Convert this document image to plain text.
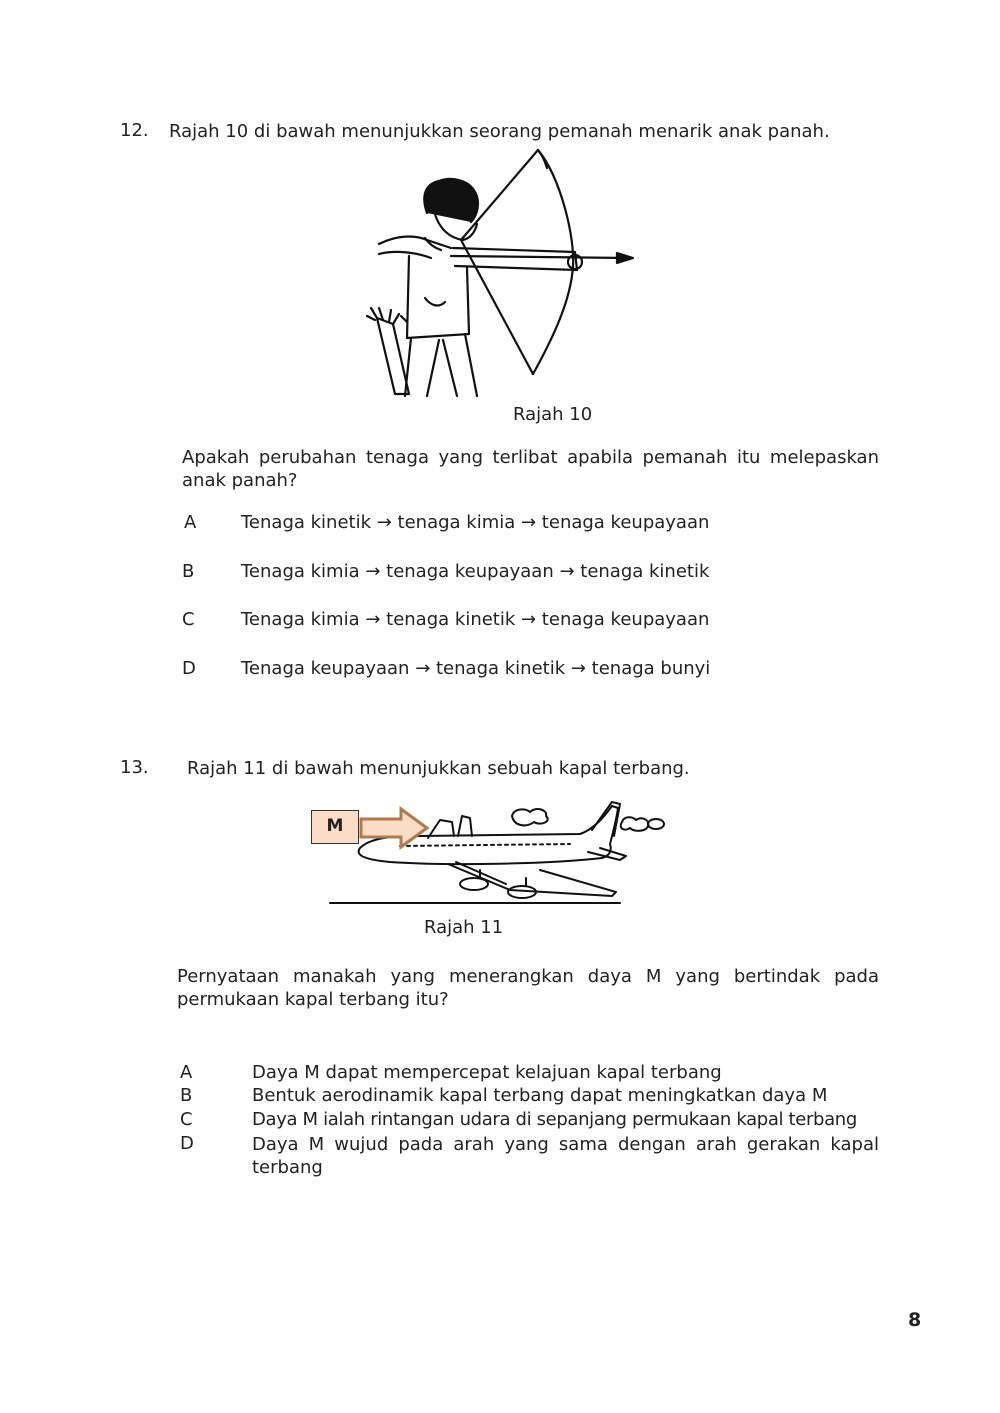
12. Rajah 10 di bawah menunjukkan seorang pemanah menarik anak panah.
Rajah 10
Apakah perubahan tenaga yang terlibat apabila pemanah itu melepaskan anak panah?
A Tenaga kinetik → tenaga kimia → tenaga keupayaan
B	Tenaga kimia → tenaga keupayaan → tenaga kinetik
C	Tenaga kimia → tenaga kinetik → tenaga keupayaan
D	Tenaga keupayaan → tenaga kinetik → tenaga bunyi
13. Rajah 11 di bawah menunjukkan sebuah kapal terbang.
M
Rajah 11
Pernyataan manakah yang menerangkan daya M yang bertindak pada permukaan kapal terbang itu?
A	Daya M dapat mempercepat kelajuan kapal terbang
B	Bentuk aerodinamik kapal terbang dapat meningkatkan daya M
C	Daya M ialah rintangan udara di sepanjang permukaan kapal terbang
D	Daya M wujud pada arah yang sama dengan arah gerakan kapal terbang
8
